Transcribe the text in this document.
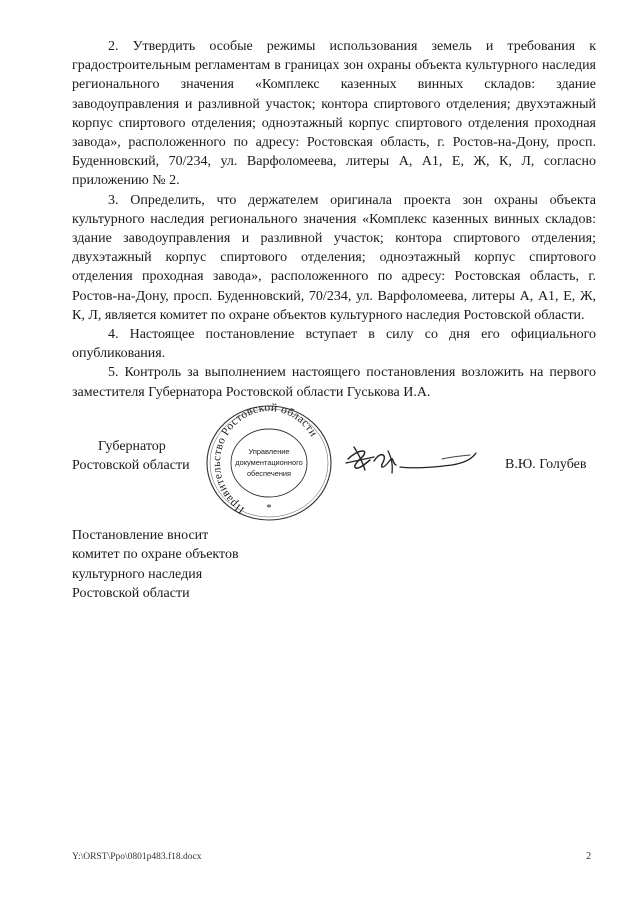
2. Утвердить особые режимы использования земель и требования к градостроительным регламентам в границах зон охраны объекта культурного наследия регионального значения «Комплекс казенных винных складов: здание заводоуправления и разливной участок; контора спиртового отделения; двухэтажный корпус спиртового отделения; одноэтажный корпус спиртового отделения проходная завода», расположенного по адресу: Ростовская область, г. Ростов-на-Дону, просп. Буденновский, 70/234, ул. Варфоломеева, литеры А, А1, Е, Ж, К, Л, согласно приложению № 2.

3. Определить, что держателем оригинала проекта зон охраны объекта культурного наследия регионального значения «Комплекс казенных винных складов: здание заводоуправления и разливной участок; контора спиртового отделения; двухэтажный корпус спиртового отделения; одноэтажный корпус спиртового отделения проходная завода», расположенного по адресу: Ростовская область, г. Ростов-на-Дону, просп. Буденновский, 70/234, ул. Варфоломеева, литеры А, А1, Е, Ж, К, Л, является комитет по охране объектов культурного наследия Ростовской области.

4. Настоящее постановление вступает в силу со дня его официального опубликования.

5. Контроль за выполнением настоящего постановления возложить на первого заместителя Губернатора Ростовской области Гуськова И.А.

Губернатор
Ростовской области
Правительство Ростовской области
Управление
документационного
обеспечения
*
В.Ю. Голубев
Постановление вносит
комитет по охране объектов
культурного наследия
Ростовской области
Y:\ORST\Ppo\0801p483.f18.docx	2
